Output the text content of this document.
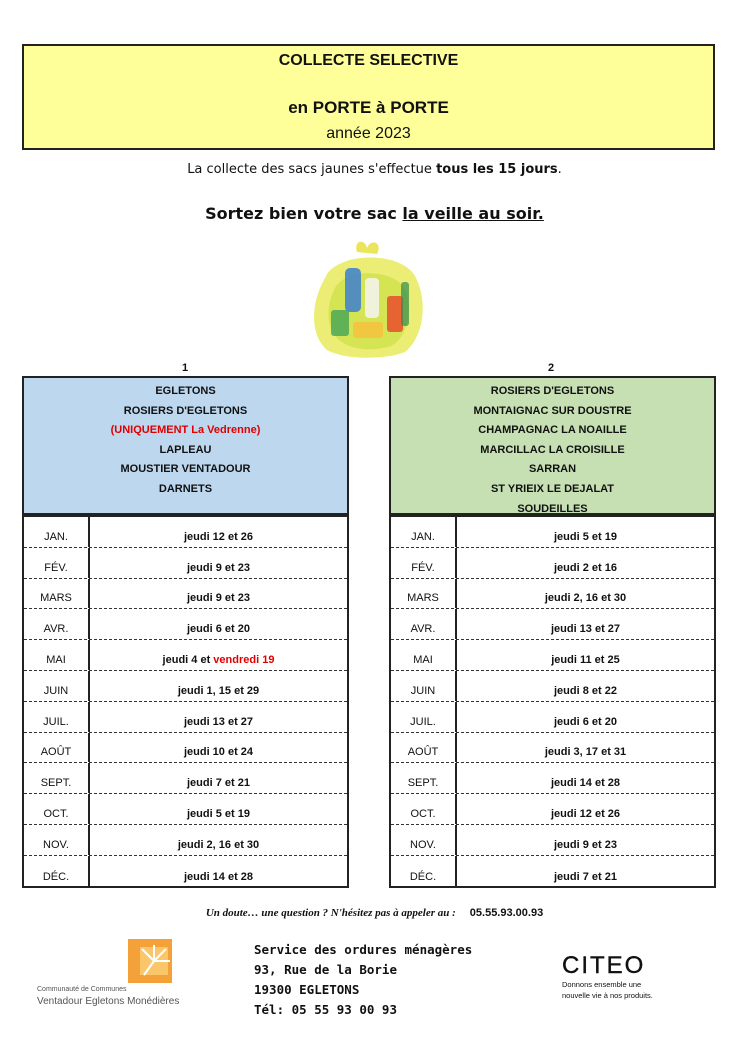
COLLECTE SELECTIVE
en PORTE à PORTE
année 2023
La collecte des sacs jaunes s'effectue tous les 15 jours.
Sortez bien votre sac la veille au soir.
1
EGLETONS
ROSIERS D'EGLETONS
(UNIQUEMENT La Vedrenne)
LAPLEAU
MOUSTIER VENTADOUR
DARNETS
JAN.	jeudi 12 et 26
FÉV.	jeudi 9 et 23
MARS	jeudi 9 et 23
AVR.	jeudi 6 et 20
MAI	jeudi 4 et vendredi 19
JUIN	jeudi 1, 15 et 29
JUIL.	jeudi 13 et 27
AOÛT	jeudi 10 et 24
SEPT.	jeudi 7 et 21
OCT.	jeudi 5 et 19
NOV.	jeudi 2, 16 et 30
DÉC.	jeudi 14 et 28
2
ROSIERS D'EGLETONS
MONTAIGNAC SUR DOUSTRE
CHAMPAGNAC LA NOAILLE
MARCILLAC LA CROISILLE
SARRAN
ST YRIEIX LE DEJALAT
SOUDEILLES
JAN.	jeudi 5 et 19
FÉV.	jeudi 2 et 16
MARS	jeudi 2, 16 et 30
AVR.	jeudi 13 et 27
MAI	jeudi 11 et 25
JUIN	jeudi 8 et 22
JUIL.	jeudi 6 et 20
AOÛT	jeudi 3, 17 et 31
SEPT.	jeudi 14 et 28
OCT.	jeudi 12 et 26
NOV.	jeudi 9 et 23
DÉC.	jeudi 7 et 21
Un doute… une question ? N'hésitez pas à appeler au : 05.55.93.00.93
Communauté de Communes
Ventadour Egletons Monédières
Service des ordures ménagères
93, Rue de la Borie
19300 EGLETONS
Tél: 05 55 93 00 93
CITEO
Donnons ensemble une
nouvelle vie à nos produits.
